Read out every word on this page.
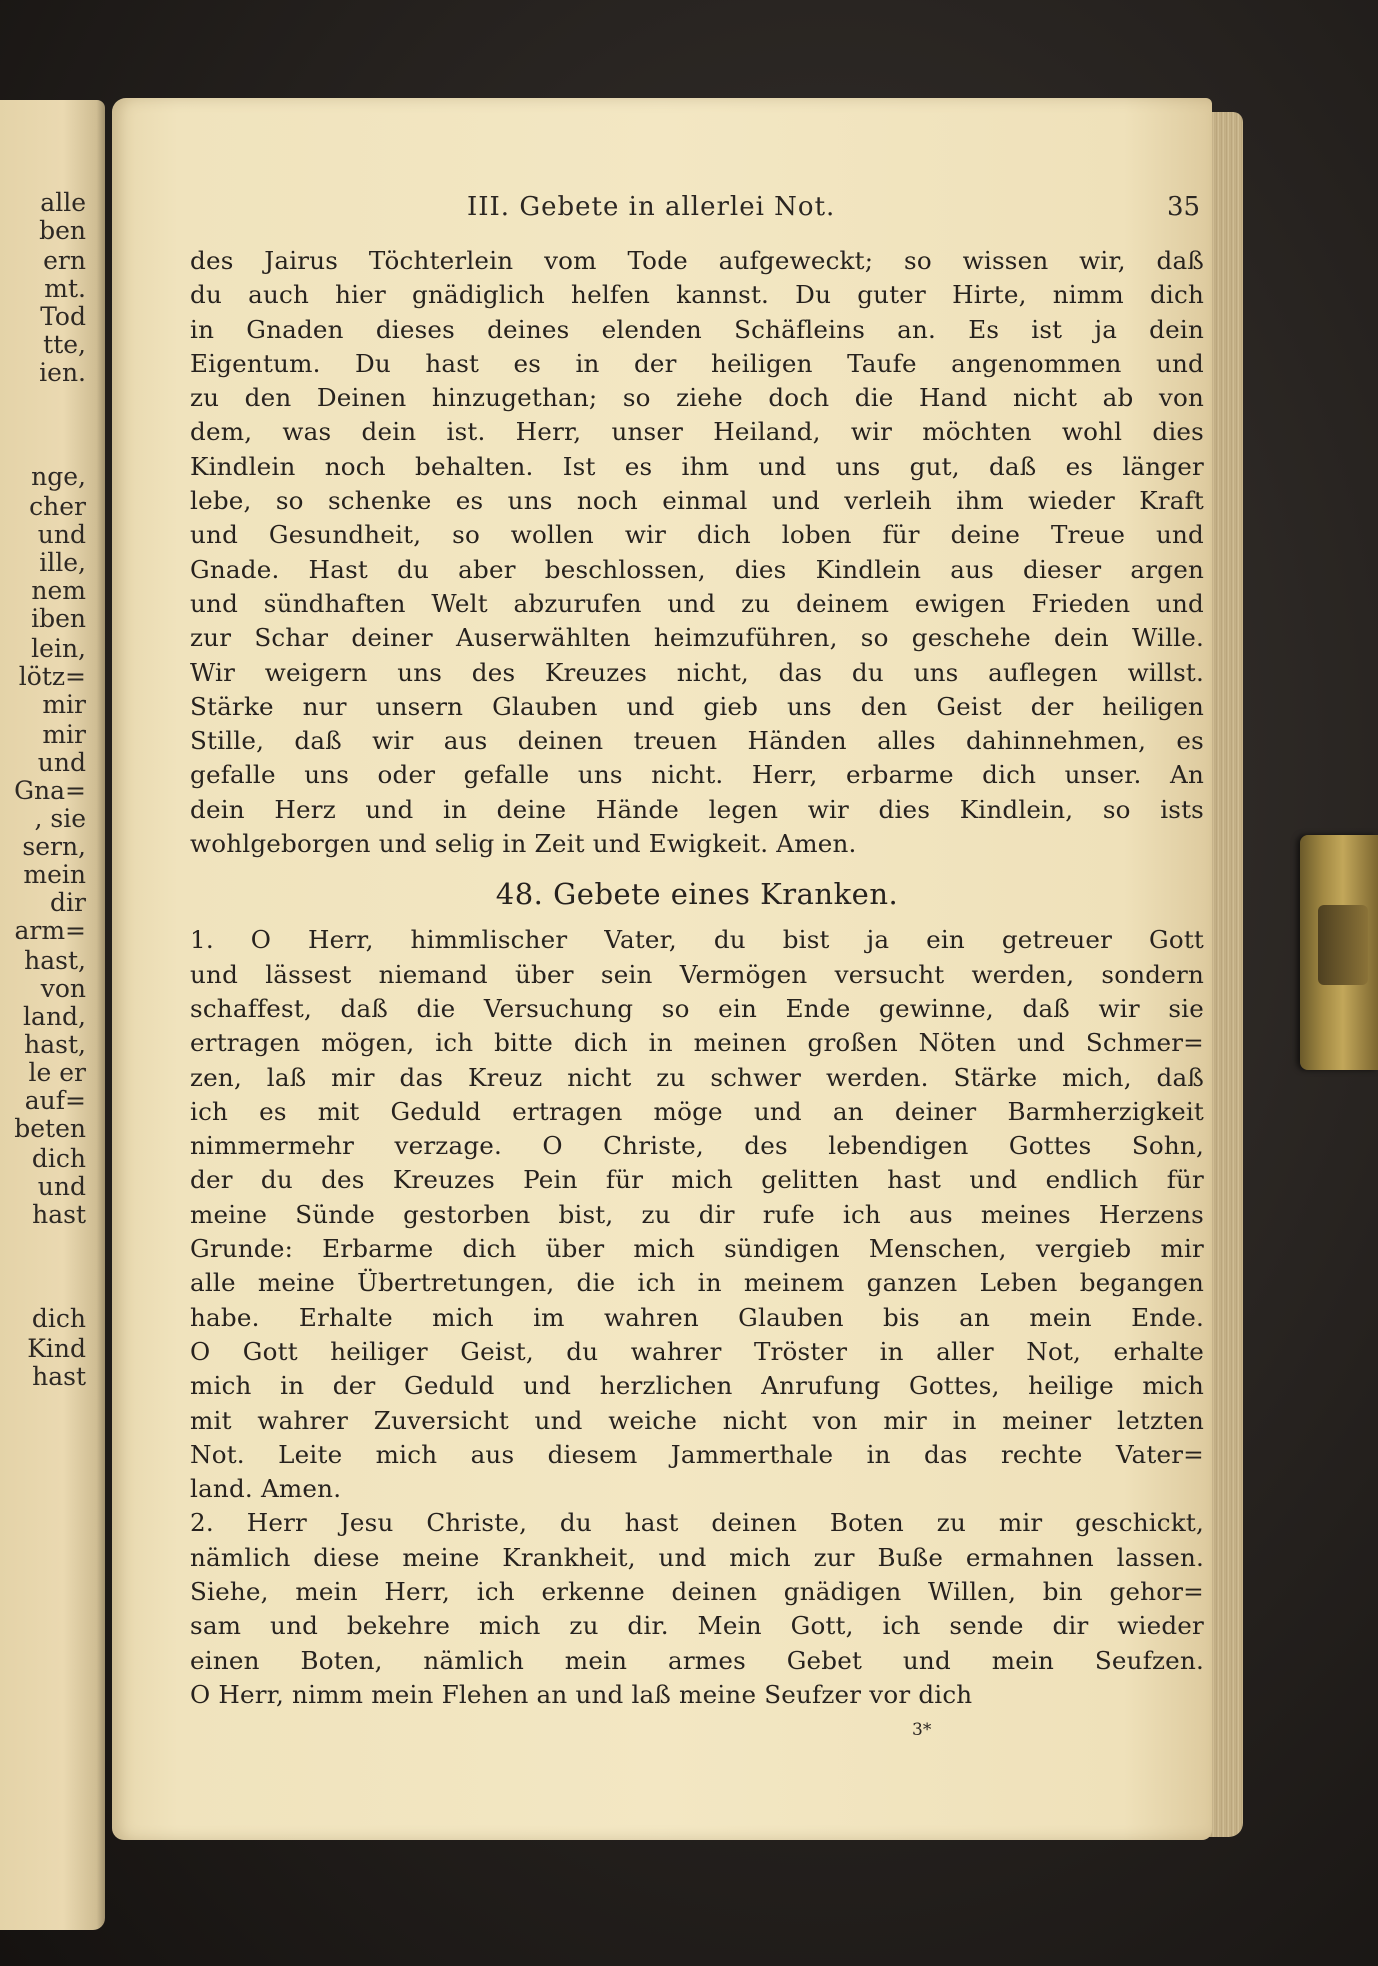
alle
ben
ern
mt.
Tod
tte,
ien.
nge,
cher
und
ille,
nem
iben
lein,
lötz=
mir
mir
und
Gna=
, sie
sern,
mein
dir
arm=
hast,
von
land,
hast,
le er
auf=
beten
dich
und
hast
dich
Kind
hast
III. Gebete in allerlei Not.	35
des Jairus Töchterlein vom Tode aufgeweckt; so wissen wir, daß
du auch hier gnädiglich helfen kannst. Du guter Hirte, nimm dich
in Gnaden dieses deines elenden Schäfleins an. Es ist ja dein
Eigentum. Du hast es in der heiligen Taufe angenommen und
zu den Deinen hinzugethan; so ziehe doch die Hand nicht ab von
dem, was dein ist. Herr, unser Heiland, wir möchten wohl dies
Kindlein noch behalten. Ist es ihm und uns gut, daß es länger
lebe, so schenke es uns noch einmal und verleih ihm wieder Kraft
und Gesundheit, so wollen wir dich loben für deine Treue und
Gnade. Hast du aber beschlossen, dies Kindlein aus dieser argen
und sündhaften Welt abzurufen und zu deinem ewigen Frieden und
zur Schar deiner Auserwählten heimzuführen, so geschehe dein Wille.
Wir weigern uns des Kreuzes nicht, das du uns auflegen willst.
Stärke nur unsern Glauben und gieb uns den Geist der heiligen
Stille, daß wir aus deinen treuen Händen alles dahinnehmen, es
gefalle uns oder gefalle uns nicht. Herr, erbarme dich unser. An
dein Herz und in deine Hände legen wir dies Kindlein, so ists
wohlgeborgen und selig in Zeit und Ewigkeit. Amen.
48. Gebete eines Kranken.
1. O Herr, himmlischer Vater, du bist ja ein getreuer Gott
und lässest niemand über sein Vermögen versucht werden, sondern
schaffest, daß die Versuchung so ein Ende gewinne, daß wir sie
ertragen mögen, ich bitte dich in meinen großen Nöten und Schmer=
zen, laß mir das Kreuz nicht zu schwer werden. Stärke mich, daß
ich es mit Geduld ertragen möge und an deiner Barmherzigkeit
nimmermehr verzage. O Christe, des lebendigen Gottes Sohn,
der du des Kreuzes Pein für mich gelitten hast und endlich für
meine Sünde gestorben bist, zu dir rufe ich aus meines Herzens
Grunde: Erbarme dich über mich sündigen Menschen, vergieb mir
alle meine Übertretungen, die ich in meinem ganzen Leben begangen
habe. Erhalte mich im wahren Glauben bis an mein Ende.
O Gott heiliger Geist, du wahrer Tröster in aller Not, erhalte
mich in der Geduld und herzlichen Anrufung Gottes, heilige mich
mit wahrer Zuversicht und weiche nicht von mir in meiner letzten
Not. Leite mich aus diesem Jammerthale in das rechte Vater=
land. Amen.
2. Herr Jesu Christe, du hast deinen Boten zu mir geschickt,
nämlich diese meine Krankheit, und mich zur Buße ermahnen lassen.
Siehe, mein Herr, ich erkenne deinen gnädigen Willen, bin gehor=
sam und bekehre mich zu dir. Mein Gott, ich sende dir wieder
einen Boten, nämlich mein armes Gebet und mein Seufzen.
O Herr, nimm mein Flehen an und laß meine Seufzer vor dich
3*
